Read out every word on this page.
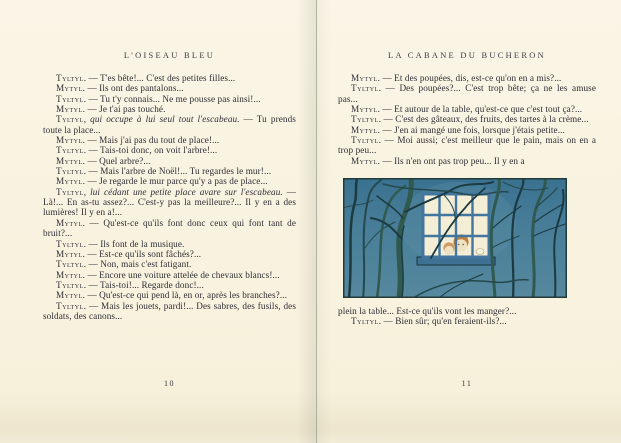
L'OISEAU BLEU

Tyltyl. — T'es bête!... C'est des petites filles...

Mytyl. — Ils ont des pantalons...

Tyltyl. — Tu t'y connais... Ne me pousse pas ainsi!...

Mytyl. — Je t'ai pas touché.

Tyltyl, qui occupe à lui seul tout l'escabeau. — Tu prends toute la place...

Mytyl. — Mais j'ai pas du tout de place!...

Tyltyl. — Tais-toi donc, on voit l'arbre!...

Mytyl. — Quel arbre?...

Tyltyl. — Mais l'arbre de Noël!... Tu regardes le mur!...

Mytyl. — Je regarde le mur parce qu'y a pas de place...

Tyltyl, lui cédant une petite place avare sur l'escabeau. — Là!... En as-tu assez?... C'est-y pas la meilleure?... Il y en a des lumières! Il y en a!...

Mytyl. — Qu'est-ce qu'ils font donc ceux qui font tant de bruit?...

Tyltyl. — Ils font de la musique.

Mytyl. — Est-ce qu'ils sont fâchés?...

Tyltyl. — Non, mais c'est fatigant.

Mytyl. — Encore une voiture attelée de chevaux blancs!...

Tyltyl. — Tais-toi!... Regarde donc!...

Mytyl. — Qu'est-ce qui pend là, en or, après les branches?...

Tyltyl. — Mais les jouets, pardi!... Des sabres, des fusils, des soldats, des canons...

10
LA CABANE DU BUCHERON

Mytyl. — Et des poupées, dis, est-ce qu'on en a mis?...

Tyltyl. — Des poupées?... C'est trop bête; ça ne les amuse pas...

Mytyl. — Et autour de la table, qu'est-ce que c'est tout ça?...

Tyltyl. — C'est des gâteaux, des fruits, des tartes à la crème...

Mytyl. — J'en ai mangé une fois, lorsque j'étais petite...

Tyltyl. — Moi aussi; c'est meilleur que le pain, mais on en a trop peu...

Mytyl. — Ils n'en ont pas trop peu... Il y en a

plein la table... Est-ce qu'ils vont les manger?...

Tyltyl. — Bien sûr; qu'en feraient-ils?...

11
